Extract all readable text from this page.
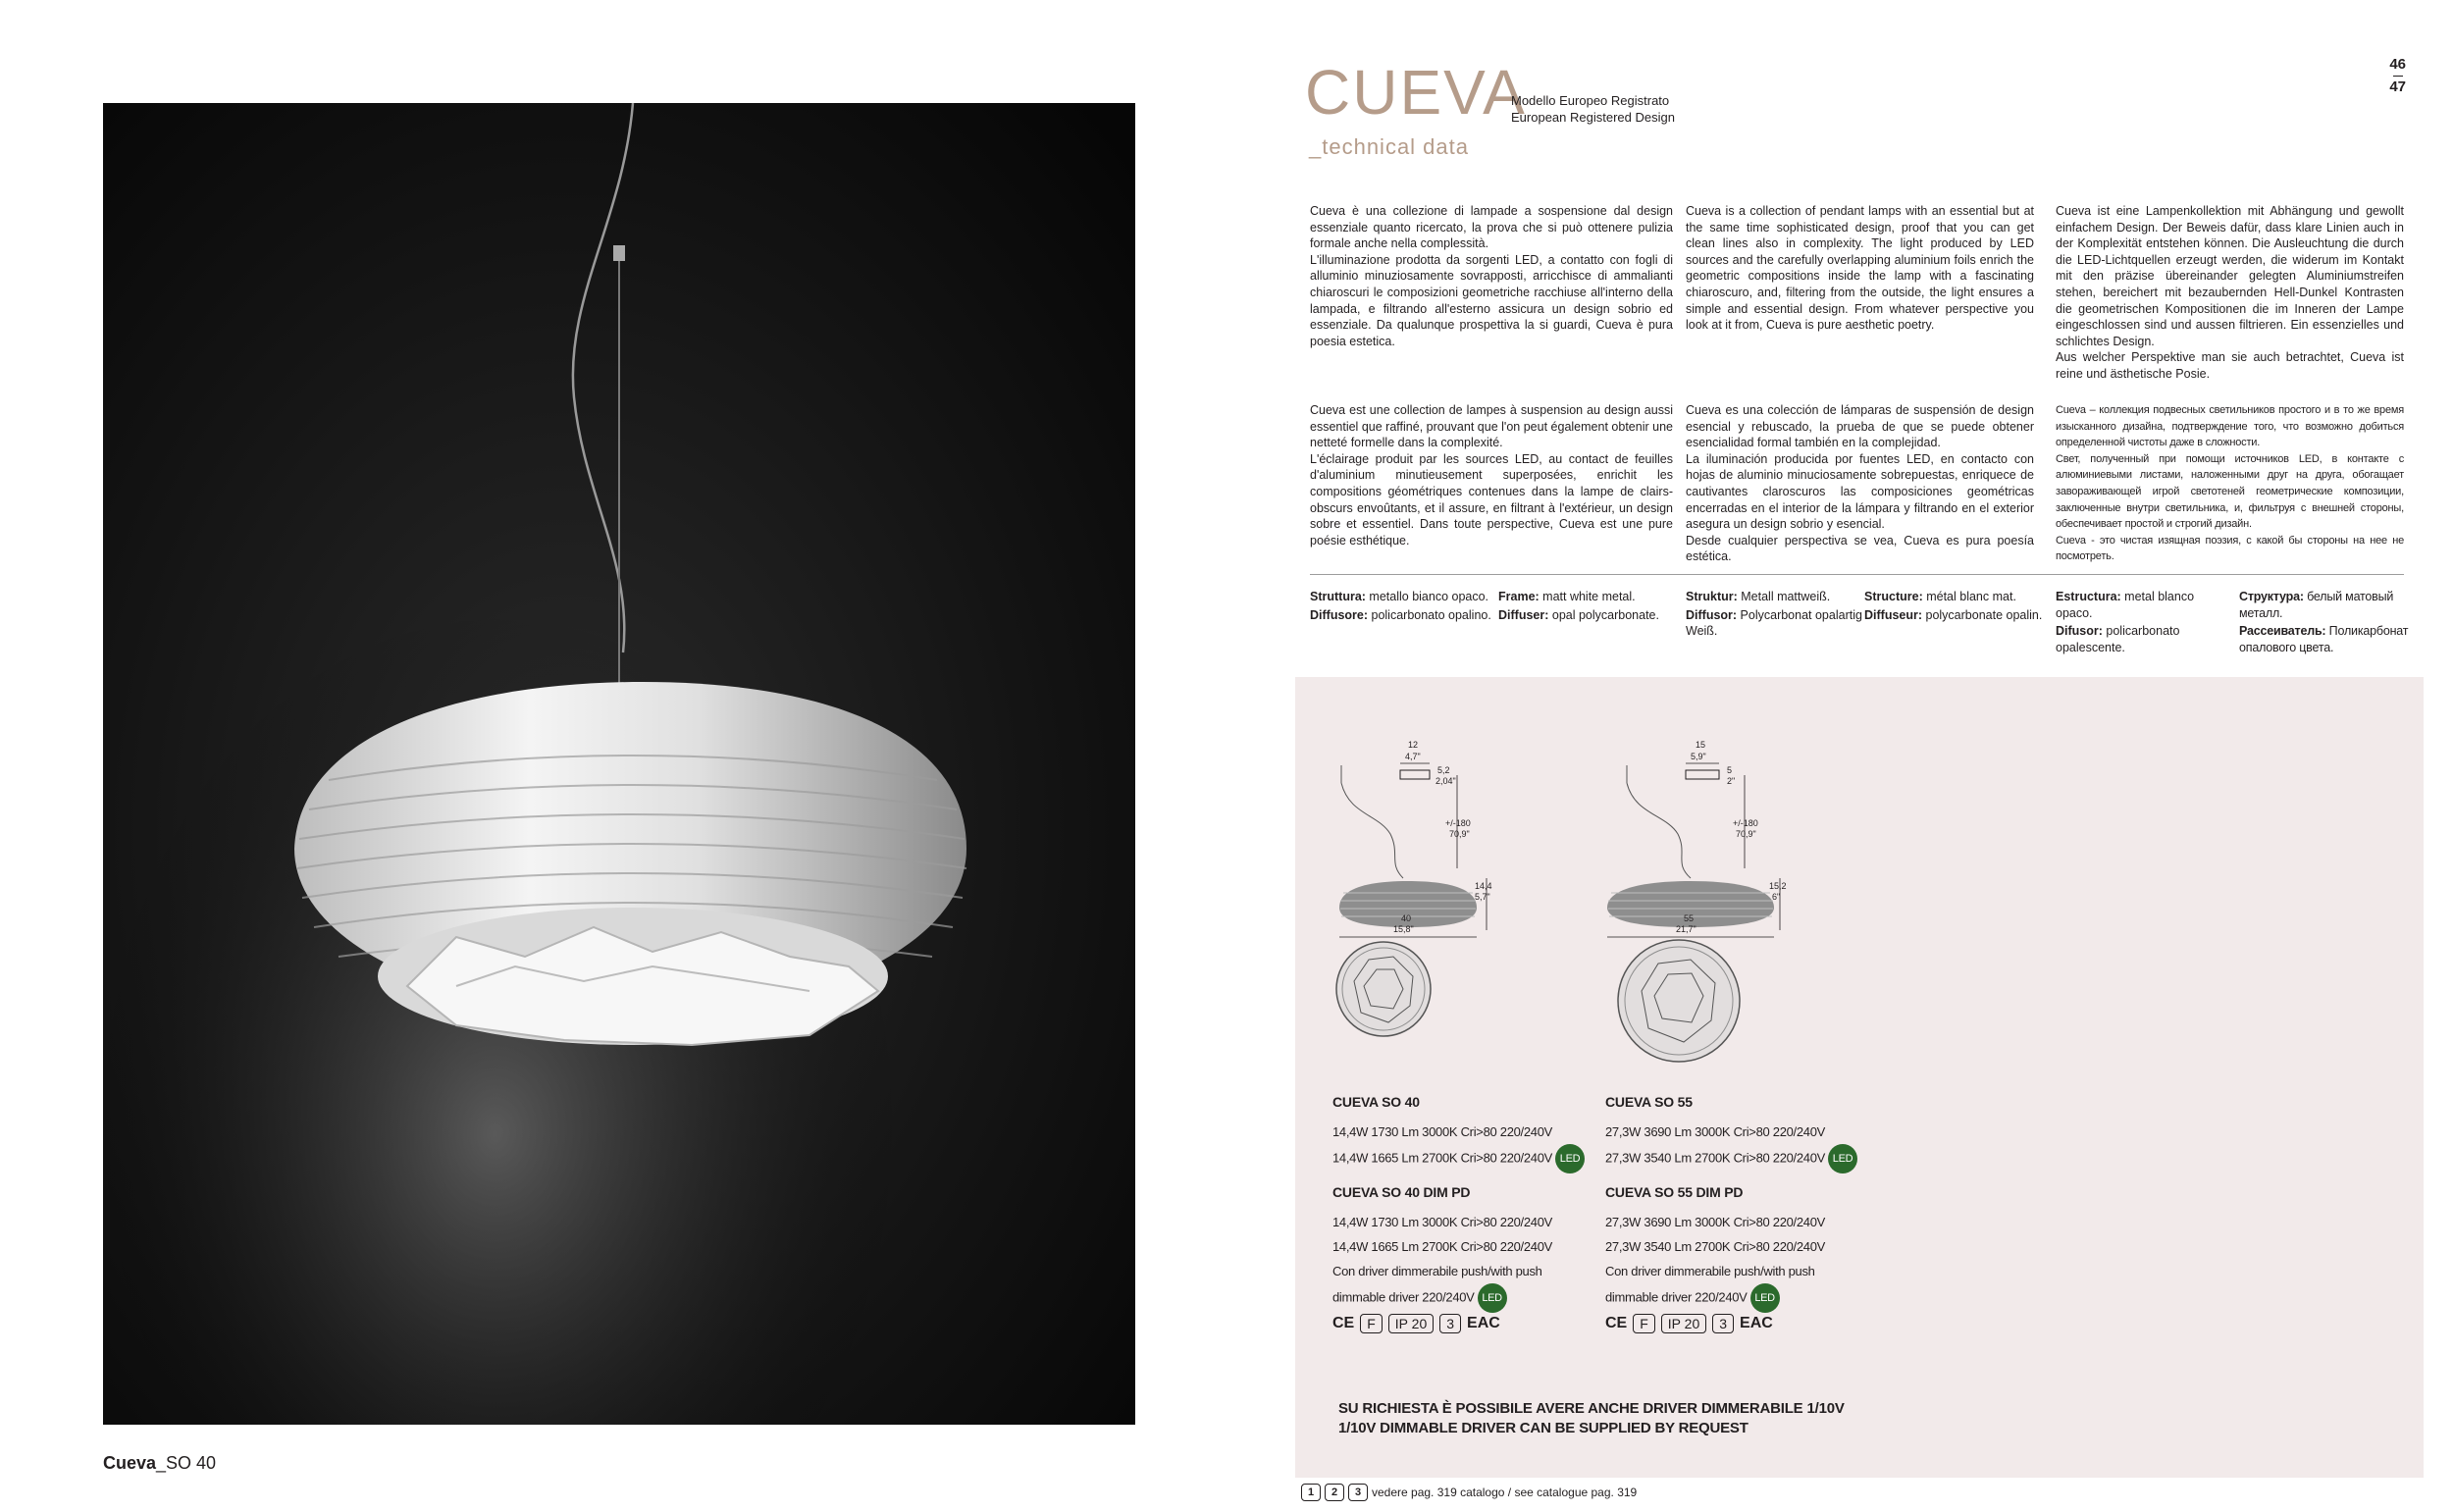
Cueva_SO 40
CUEVA
Modello Europeo Registrato
European Registered Design
_technical data
46
47

Cueva è una collezione di lampade a sospensione dal design essenziale quanto ricercato, la prova che si può ottenere pulizia formale anche nella complessità.

L'illuminazione prodotta da sorgenti LED, a contatto con fogli di alluminio minuziosamente sovrapposti, arricchisce di ammalianti chiaroscuri le composizioni geometriche racchiuse all'interno della lampada, e filtrando all'esterno assicura un design sobrio ed essenziale. Da qualunque prospettiva la si guardi, Cueva è pura poesia estetica.

Cueva is a collection of pendant lamps with an essential but at the same time sophisticated design, proof that you can get clean lines also in complexity. The light produced by LED sources and the carefully overlapping aluminium foils enrich the geometric compositions inside the lamp with a fascinating chiaroscuro, and, filtering from the outside, the light ensures a simple and essential design. From whatever perspective you look at it from, Cueva is pure aesthetic poetry.

Cueva ist eine Lampenkollektion mit Abhängung und gewollt einfachem Design. Der Beweis dafür, dass klare Linien auch in der Komplexität entstehen können. Die Ausleuchtung die durch die LED-Lichtquellen erzeugt werden, die widerum im Kontakt mit den präzise übereinander gelegten Aluminiumstreifen stehen, bereichert mit bezaubernden Hell-Dunkel Kontrasten die geometrischen Kompositionen die im Inneren der Lampe eingeschlossen sind und aussen filtrieren. Ein essenzielles und schlichtes Design.

Aus welcher Perspektive man sie auch betrachtet, Cueva ist reine und ästhetische Posie.

Cueva est une collection de lampes à suspension au design aussi essentiel que raffiné, prouvant que l'on peut également obtenir une netteté formelle dans la complexité.

L'éclairage produit par les sources LED, au contact de feuilles d'aluminium minutieusement superposées, enrichit les compositions géométriques contenues dans la lampe de clairs-obscurs envoûtants, et il assure, en filtrant à l'extérieur, un design sobre et essentiel. Dans toute perspective, Cueva est une pure poésie esthétique.

Cueva es una colección de lámparas de suspensión de design esencial y rebuscado, la prueba de que se puede obtener esencialidad formal también en la complejidad.

La iluminación producida por fuentes LED, en contacto con hojas de aluminio minuciosamente sobrepuestas, enriquece de cautivantes claroscuros las composiciones geométricas encerradas en el interior de la lámpara y filtrando en el exterior asegura un design sobrio y esencial.

Desde cualquier perspectiva se vea, Cueva es pura poesía estética.

Cueva – коллекция подвесных светильников простого и в то же время изысканного дизайна, подтверждение того, что возможно добиться определенной чистоты даже в сложности.

Свет, полученный при помощи источников LED, в контакте с алюминиевыми листами, наложенными друг на друга, обогащает завораживающей игрой светотеней геометрические композиции, заключенные внутри светильника, и, фильтруя с внешней стороны, обеспечивает простой и строгий дизайн.

Cueva - это чистая изящная поэзия, с какой бы стороны на нее не посмотреть.

Struttura: metallo bianco opaco.
Diffusore: policarbonato opalino.
Frame: matt white metal.
Diffuser: opal polycarbonate.
Struktur: Metall mattweiß.
Diffusor: Polycarbonat opalartig Weiß.
Structure: métal blanc mat.
Diffuseur: polycarbonate opalin.
Estructura: metal blanco opaco.
Difusor: policarbonato opalescente.
Структура: белый матовый металл.
Рассеиватель: Поликарбонат опалового цвета.
12
4,7"
5,2
2,04"
+/-180
70,9"
14,4
5,7"
40
15,8"
15
5,9"
5
2"
+/-180
70,9"
15,2
6"
55
21,7"
CUEVA SO 40
14,4W 1730 Lm 3000K Cri>80 220/240V
14,4W 1665 Lm 2700K Cri>80 220/240V LED
CUEVA SO 55
27,3W 3690 Lm 3000K Cri>80 220/240V
27,3W 3540 Lm 2700K Cri>80 220/240V LED
CUEVA SO 40 DIM PD
14,4W 1730 Lm 3000K Cri>80 220/240V
14,4W 1665 Lm 2700K Cri>80 220/240V
Con driver dimmerabile push/with push
dimmable driver 220/240V LED
CE F	IP 20	3 EAC
CUEVA SO 55 DIM PD
27,3W 3690 Lm 3000K Cri>80 220/240V
27,3W 3540 Lm 2700K Cri>80 220/240V
Con driver dimmerabile push/with push
dimmable driver 220/240V LED
CE F	IP 20	3 EAC
SU RICHIESTA È POSSIBILE AVERE ANCHE DRIVER DIMMERABILE 1/10V
1/10V DIMMABLE DRIVER CAN BE SUPPLIED BY REQUEST
1	2	3 vedere pag. 319 catalogo / see catalogue pag. 319
